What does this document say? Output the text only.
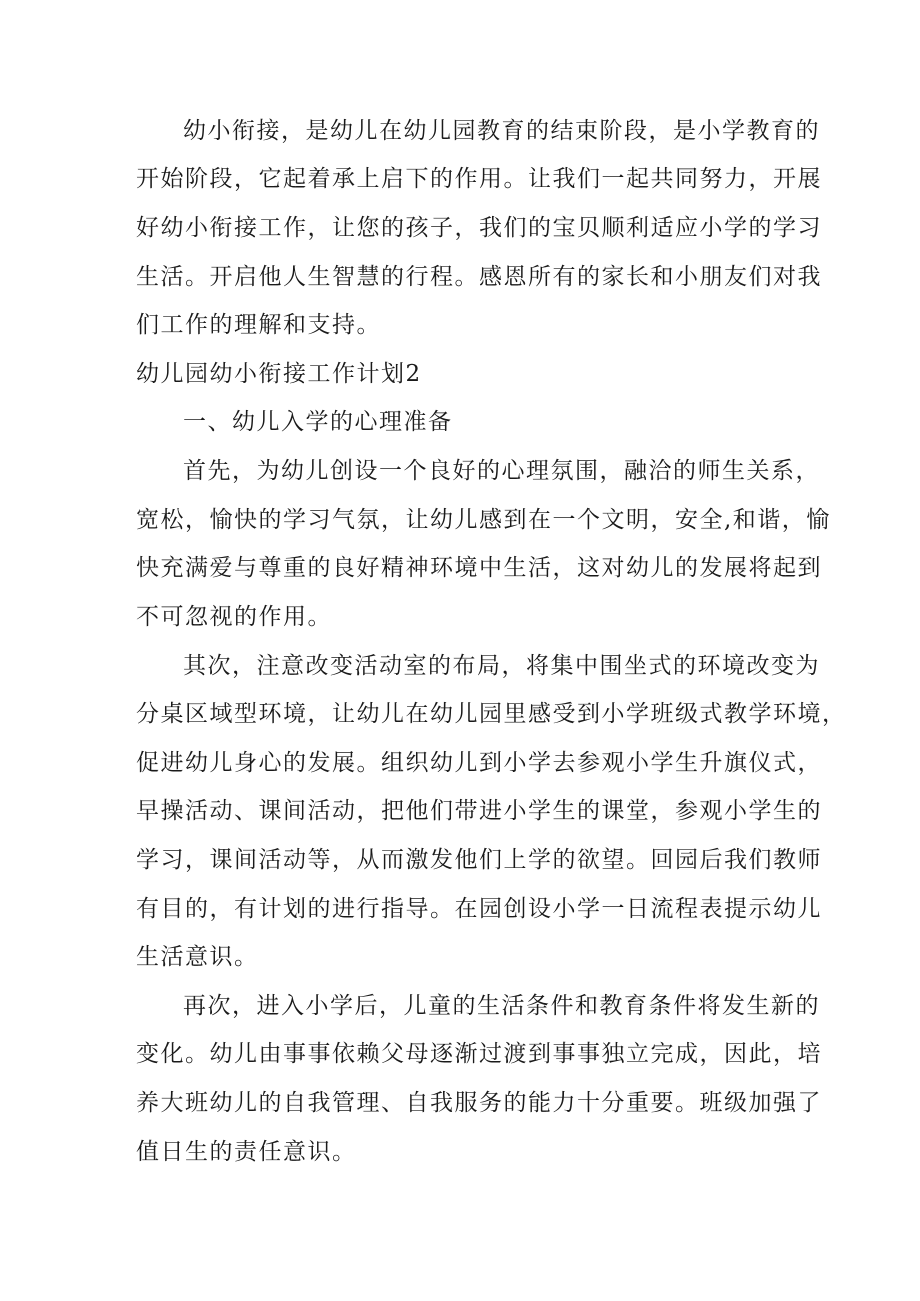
幼小衔接，是幼儿在幼儿园教育的结束阶段，是小学教育的

开始阶段，它起着承上启下的作用。让我们一起共同努力，开展

好幼小衔接工作，让您的孩子，我们的宝贝顺利适应小学的学习

生活。开启他人生智慧的行程。感恩所有的家长和小朋友们对我

们工作的理解和支持。

幼儿园幼小衔接工作计划2

一、幼儿入学的心理准备

首先，为幼儿创设一个良好的心理氛围，融洽的师生关系，

宽松，愉快的学习气氛，让幼儿感到在一个文明，安全,和谐，愉

快充满爱与尊重的良好精神环境中生活，这对幼儿的发展将起到

不可忽视的作用。

其次，注意改变活动室的布局，将集中围坐式的环境改变为

分桌区域型环境，让幼儿在幼儿园里感受到小学班级式教学环境，

促进幼儿身心的发展。组织幼儿到小学去参观小学生升旗仪式，

早操活动、课间活动，把他们带进小学生的课堂，参观小学生的

学习，课间活动等，从而激发他们上学的欲望。回园后我们教师

有目的，有计划的进行指导。在园创设小学一日流程表提示幼儿

生活意识。

再次，进入小学后，儿童的生活条件和教育条件将发生新的

变化。幼儿由事事依赖父母逐渐过渡到事事独立完成，因此，培

养大班幼儿的自我管理、自我服务的能力十分重要。班级加强了

值日生的责任意识。
